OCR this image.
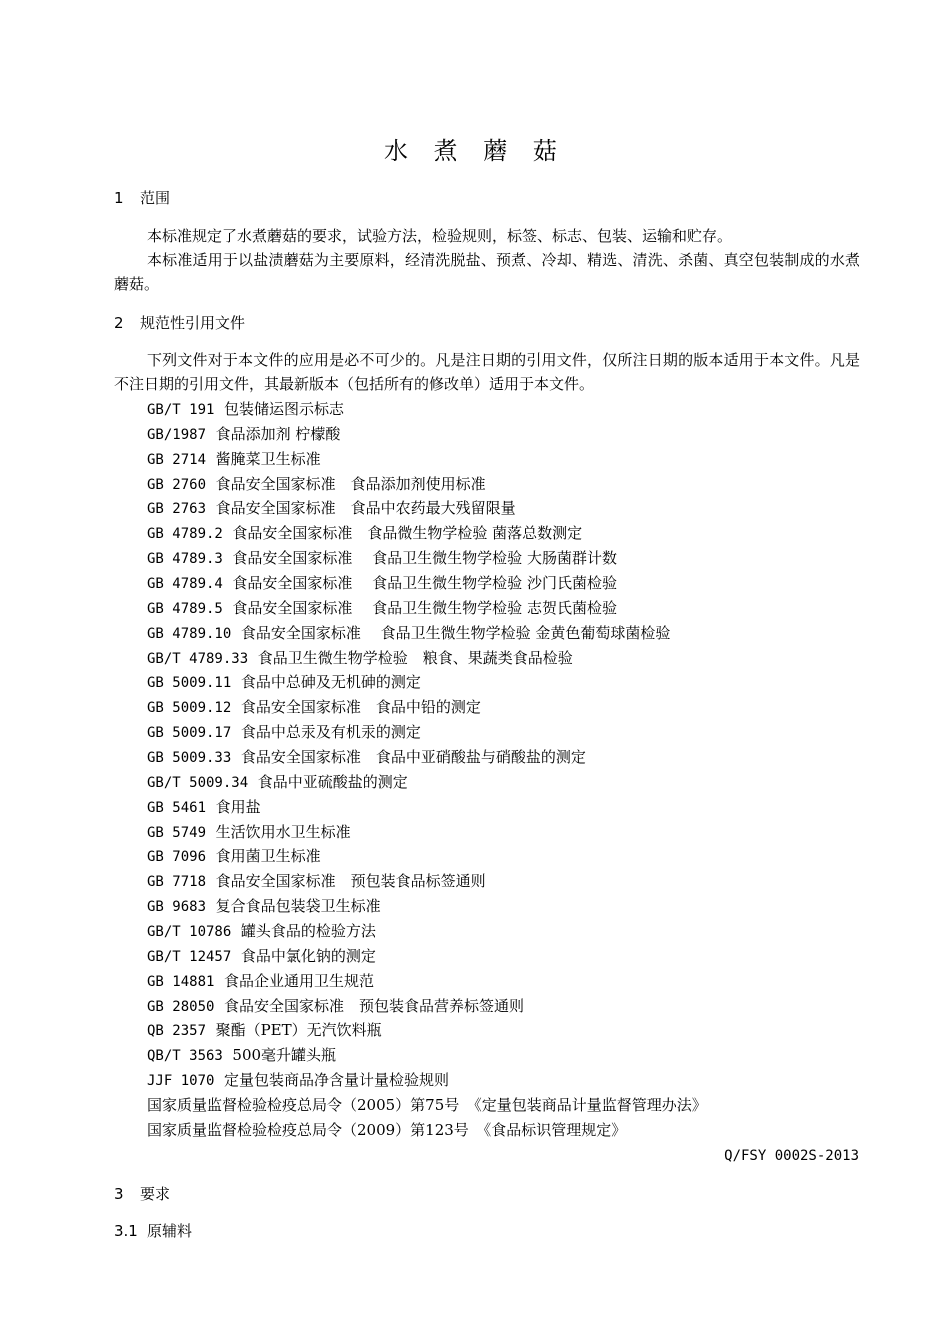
水 煮 蘑 菇
1 范围

本标准规定了水煮蘑菇的要求，试验方法，检验规则，标签、标志、包装、运输和贮存。

本标准适用于以盐渍蘑菇为主要原料，经清洗脱盐、预煮、冷却、精选、清洗、杀菌、真空包装制成的水煮蘑菇。

2 规范性引用文件

下列文件对于本文件的应用是必不可少的。凡是注日期的引用文件，仅所注日期的版本适用于本文件。凡是不注日期的引用文件，其最新版本（包括所有的修改单）适用于本文件。

GB/T 191 包装储运图示标志
GB/1987 食品添加剂 柠檬酸
GB 2714 酱腌菜卫生标准
GB 2760 食品安全国家标准　食品添加剂使用标准
GB 2763 食品安全国家标准　食品中农药最大残留限量
GB 4789.2 食品安全国家标准　食品微生物学检验 菌落总数测定
GB 4789.3 食品安全国家标准　 食品卫生微生物学检验 大肠菌群计数
GB 4789.4 食品安全国家标准　 食品卫生微生物学检验 沙门氏菌检验
GB 4789.5 食品安全国家标准　 食品卫生微生物学检验 志贺氏菌检验
GB 4789.10 食品安全国家标准　 食品卫生微生物学检验 金黄色葡萄球菌检验
GB/T 4789.33 食品卫生微生物学检验　粮食、果蔬类食品检验
GB 5009.11 食品中总砷及无机砷的测定
GB 5009.12 食品安全国家标准　食品中铅的测定
GB 5009.17 食品中总汞及有机汞的测定
GB 5009.33 食品安全国家标准　食品中亚硝酸盐与硝酸盐的测定
GB/T 5009.34 食品中亚硫酸盐的测定
GB 5461 食用盐
GB 5749 生活饮用水卫生标准
GB 7096 食用菌卫生标准
GB 7718 食品安全国家标准　预包装食品标签通则
GB 9683 复合食品包装袋卫生标准
GB/T 10786 罐头食品的检验方法
GB/T 12457 食品中氯化钠的测定
GB 14881 食品企业通用卫生规范
GB 28050 食品安全国家标准　预包装食品营养标签通则
QB 2357 聚酯（PET）无汽饮料瓶
QB/T 3563 500毫升罐头瓶
JJF 1070 定量包装商品净含量计量检验规则
国家质量监督检验检疫总局令（2005）第75号　《定量包装商品计量监督管理办法》
国家质量监督检验检疫总局令（2009）第123号　《食品标识管理规定》
Q/FSY 0002S-2013
3 要求
3.1 原辅料
